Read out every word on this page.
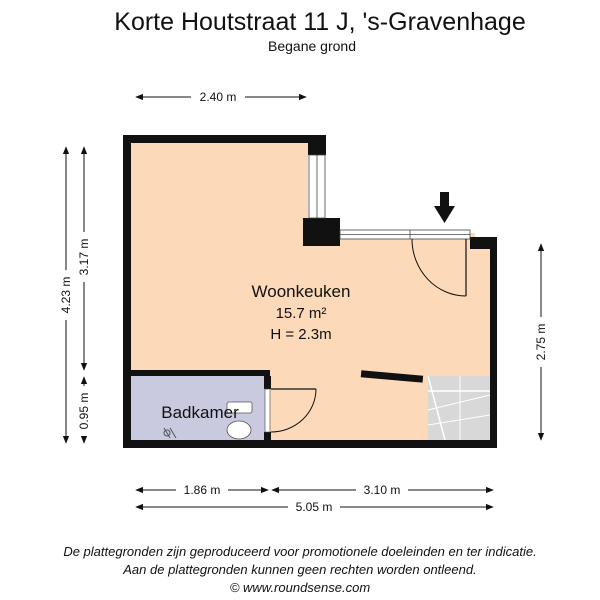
Korte Houtstraat 11 J, 's-Gravenhage
Begane grond
2.40 m
4.23 m
3.17 m
0.95 m
2.75 m
Woonkeuken
15.7 m²
H = 2.3m
Badkamer
1.86 m	3.10 m
5.05 m
De plattegronden zijn geproduceerd voor promotionele doeleinden en ter indicatie.
Aan de plattegronden kunnen geen rechten worden ontleend.
© www.roundsense.com
